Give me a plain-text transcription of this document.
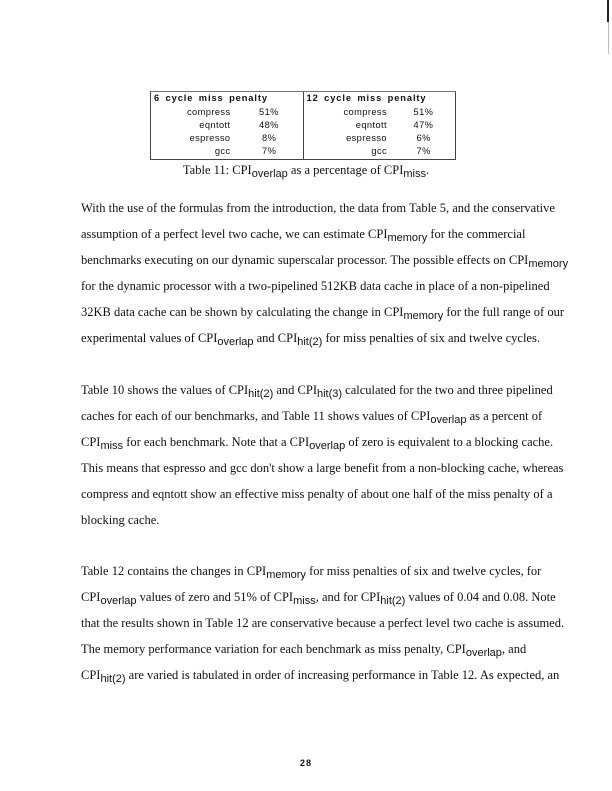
6 cycle miss penalty
compress	51%
eqntott	48%
espresso	8%
gcc	7%
12 cycle miss penalty
compress	51%
eqntott	47%
espresso	6%
gcc	7%
Table 11: $CPI_{overlap}$ as a percentage of $CPI_{miss}$.
With the use of the formulas from the introduction, the data from Table 5, and the conservative
assumption of a perfect level two cache, we can estimate $CPI_{memory}$ for the commercial
benchmarks executing on our dynamic superscalar processor. The possible effects on $CPI_{memory}$
for the dynamic processor with a two-pipelined 512KB data cache in place of a non-pipelined
32KB data cache can be shown by calculating the change in $CPI_{memory}$ for the full range of our
experimental values of $CPI_{overlap}$ and $CPI_{hit(2)}$ for miss penalties of six and twelve cycles.
Table 10 shows the values of $CPI_{hit(2)}$ and $CPI_{hit(3)}$ calculated for the two and three pipelined
caches for each of our benchmarks, and Table 11 shows values of $CPI_{overlap}$ as a percent of
$CPI_{miss}$ for each benchmark. Note that a $CPI_{overlap}$ of zero is equivalent to a blocking cache.
This means that espresso and gcc don't show a large benefit from a non-blocking cache, whereas
compress and eqntott show an effective miss penalty of about one half of the miss penalty of a
blocking cache.
Table 12 contains the changes in $CPI_{memory}$ for miss penalties of six and twelve cycles, for
$CPI_{overlap}$ values of zero and 51% of $CPI_{miss}$, and for $CPI_{hit(2)}$ values of 0.04 and 0.08. Note
that the results shown in Table 12 are conservative because a perfect level two cache is assumed.
The memory performance variation for each benchmark as miss penalty, $CPI_{overlap}$, and
$CPI_{hit(2)}$ are varied is tabulated in order of increasing performance in Table 12. As expected, an
28
